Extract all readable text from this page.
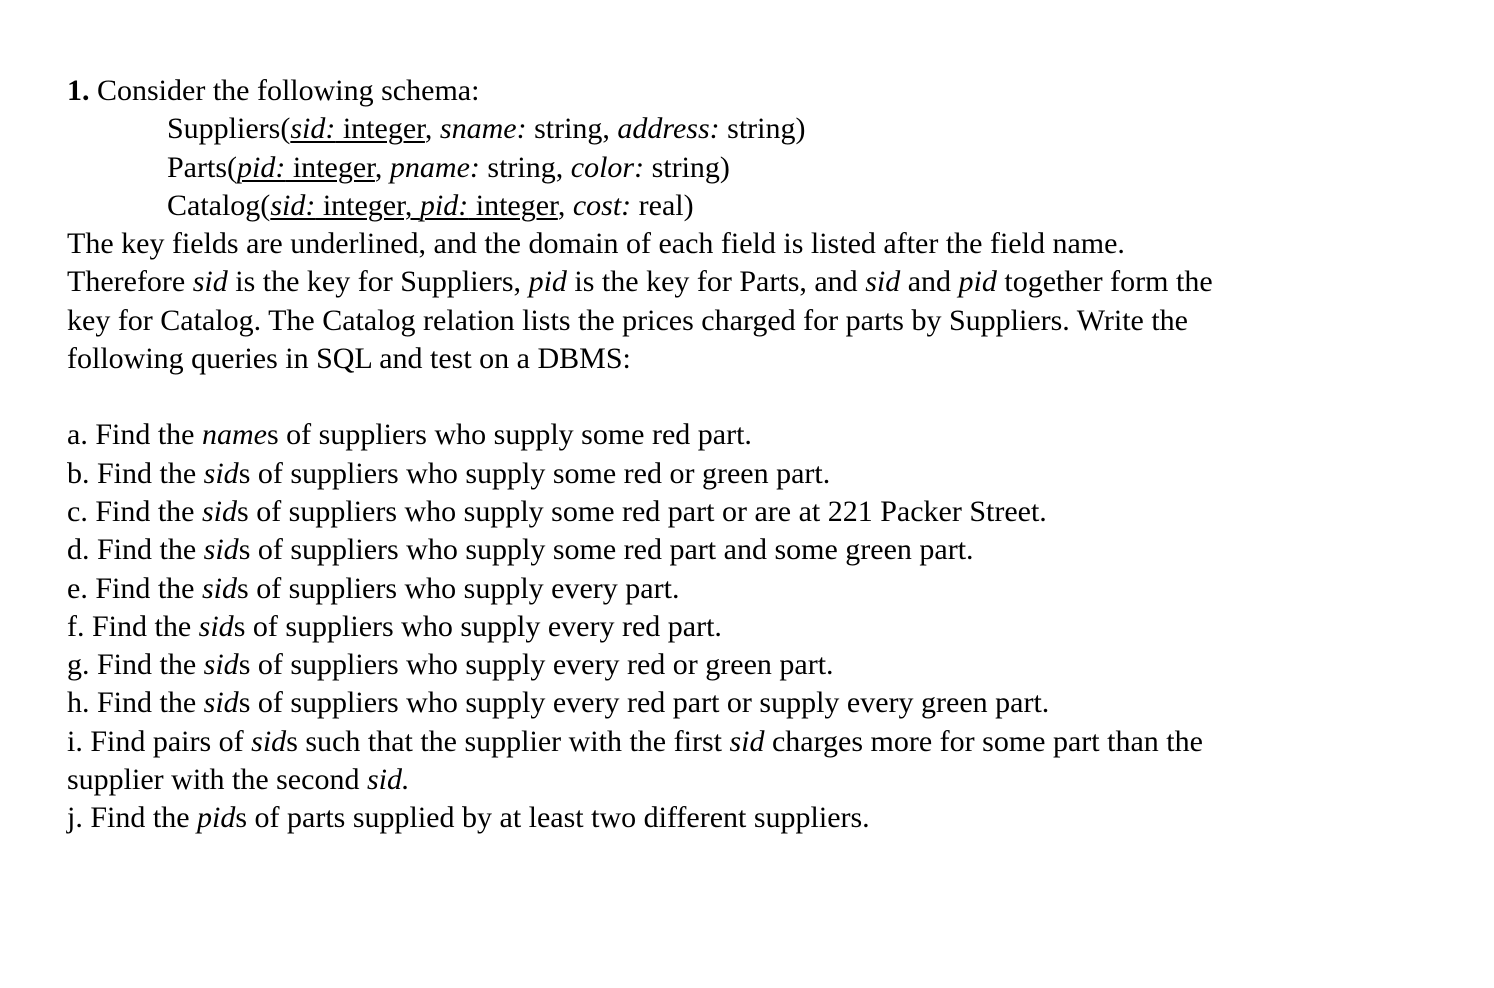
1. Consider the following schema:
Suppliers(sid: integer, sname: string, address: string)
Parts(pid: integer, pname: string, color: string)
Catalog(sid: integer, pid: integer, cost: real)
The key fields are underlined, and the domain of each field is listed after the field name.
Therefore sid is the key for Suppliers, pid is the key for Parts, and sid and pid together form the
key for Catalog. The Catalog relation lists the prices charged for parts by Suppliers. Write the
following queries in SQL and test on a DBMS:
a. Find the names of suppliers who supply some red part.
b. Find the sids of suppliers who supply some red or green part.
c. Find the sids of suppliers who supply some red part or are at 221 Packer Street.
d. Find the sids of suppliers who supply some red part and some green part.
e. Find the sids of suppliers who supply every part.
f. Find the sids of suppliers who supply every red part.
g. Find the sids of suppliers who supply every red or green part.
h. Find the sids of suppliers who supply every red part or supply every green part.
i. Find pairs of sids such that the supplier with the first sid charges more for some part than the
supplier with the second sid.
j. Find the pids of parts supplied by at least two different suppliers.
